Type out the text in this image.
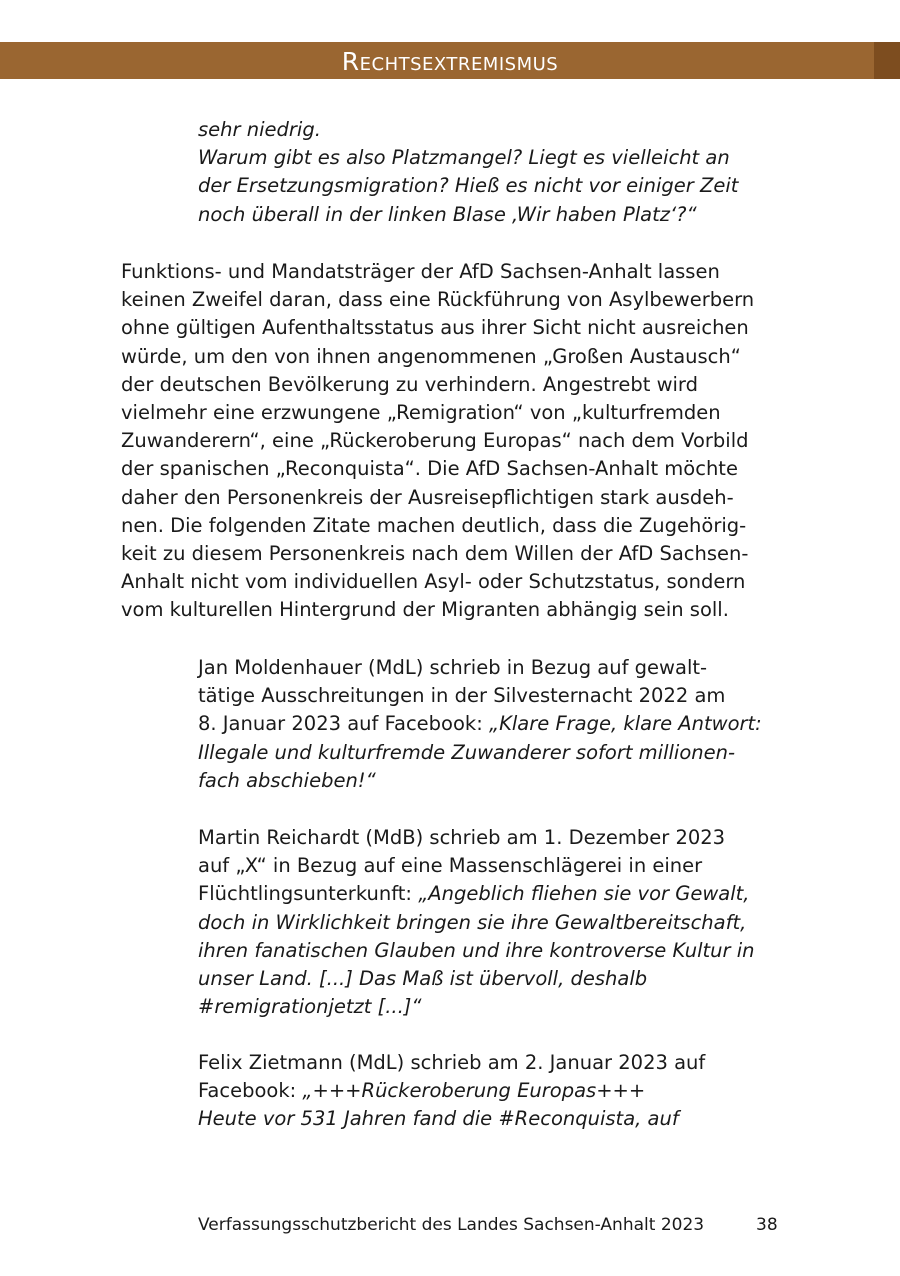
Rechtsextremismus
sehr niedrig.
Warum gibt es also Platzmangel? Liegt es vielleicht an
der Ersetzungsmigration? Hieß es nicht vor einiger Zeit
noch überall in der linken Blase ‚Wir haben Platz‘?“
Funktions- und Mandatsträger der AfD Sachsen-Anhalt lassen
keinen Zweifel daran, dass eine Rückführung von Asylbewerbern
ohne gültigen Aufenthaltsstatus aus ihrer Sicht nicht ausreichen
würde, um den von ihnen angenommenen „Großen Austausch“
der deutschen Bevölkerung zu verhindern. Angestrebt wird
vielmehr eine erzwungene „Remigration“ von „kulturfremden
Zuwanderern“, eine „Rückeroberung Europas“ nach dem Vorbild
der spanischen „Reconquista“. Die AfD Sachsen-Anhalt möchte
daher den Personenkreis der Ausreisepflichtigen stark ausdeh-
nen. Die folgenden Zitate machen deutlich, dass die Zugehörig-
keit zu diesem Personenkreis nach dem Willen der AfD Sachsen-
Anhalt nicht vom individuellen Asyl- oder Schutzstatus, sondern
vom kulturellen Hintergrund der Migranten abhängig sein soll.
Jan Moldenhauer (MdL) schrieb in Bezug auf gewalt-
tätige Ausschreitungen in der Silvesternacht 2022 am
8. Januar 2023 auf Facebook: „Klare Frage, klare Antwort:
Illegale und kulturfremde Zuwanderer sofort millionen-
fach abschieben!“
Martin Reichardt (MdB) schrieb am 1. Dezember 2023
auf „X“ in Bezug auf eine Massenschlägerei in einer
Flüchtlingsunterkunft: „Angeblich fliehen sie vor Gewalt,
doch in Wirklichkeit bringen sie ihre Gewaltbereitschaft,
ihren fanatischen Glauben und ihre kontroverse Kultur in
unser Land. [...] Das Maß ist übervoll, deshalb
#remigrationjetzt [...]“
Felix Zietmann (MdL) schrieb am 2. Januar 2023 auf
Facebook: „+++Rückeroberung Europas+++
Heute vor 531 Jahren fand die #Reconquista, auf
Verfassungsschutzbericht des Landes Sachsen-Anhalt 2023	38
